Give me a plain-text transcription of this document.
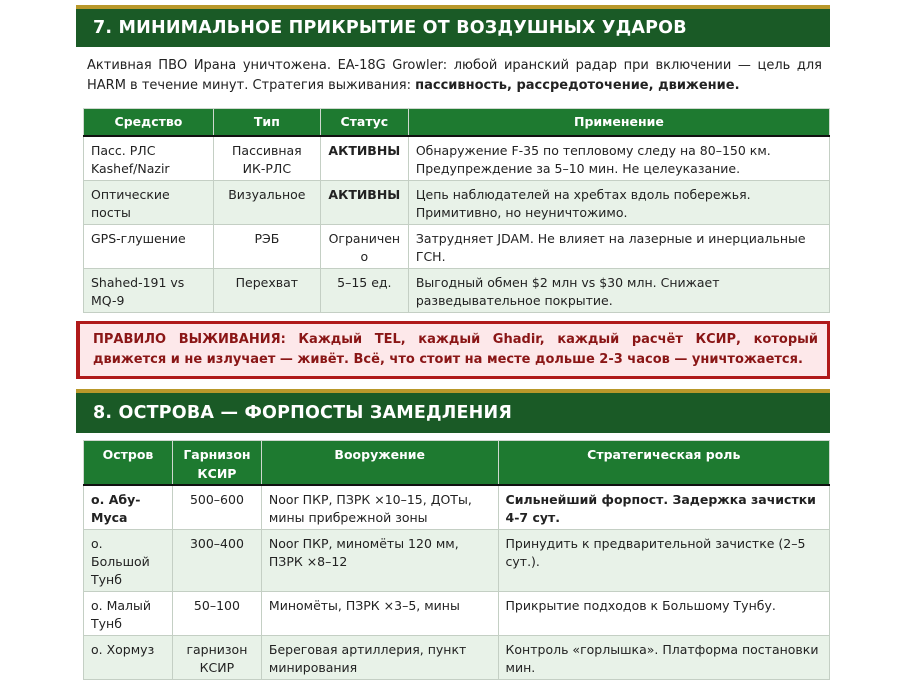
7. МИНИМАЛЬНОЕ ПРИКРЫТИЕ ОТ ВОЗДУШНЫХ УДАРОВ
Активная ПВО Ирана уничтожена. EA-18G Growler: любой иранский радар при включении — цель для HARM в течение минут. Стратегия выживания: пассивность, рассредоточение, движение.
Средство	Тип	Статус	Применение
Пасс. РЛС Kashef/Nazir	Пассивная ИК-РЛС	АКТИВНЫ	Обнаружение F-35 по тепловому следу на 80–150 км. Предупреждение за 5–10 мин. Не целеуказание.
Оптические посты	Визуальное	АКТИВНЫ	Цепь наблюдателей на хребтах вдоль побережья. Примитивно, но неуничтожимо.
GPS-глушение	РЭБ	Ограничено	Затрудняет JDAM. Не влияет на лазерные и инерциальные ГСН.
Shahed-191 vs MQ-9	Перехват	5–15 ед.	Выгодный обмен $2 млн vs $30 млн. Снижает разведывательное покрытие.
ПРАВИЛО ВЫЖИВАНИЯ: Каждый TEL, каждый Ghadir, каждый расчёт КСИР, который движется и не излучает — живёт. Всё, что стоит на месте дольше 2-3 часов — уничтожается.
8. ОСТРОВА — ФОРПОСТЫ ЗАМЕДЛЕНИЯ
Остров	Гарнизон КСИР	Вооружение	Стратегическая роль
о. Абу-Муса	500–600	Noor ПКР, ПЗРК ×10–15, ДОТы, мины прибрежной зоны	Сильнейший форпост. Задержка зачистки 4-7 сут.
о. Большой Тунб	300–400	Noor ПКР, миномёты 120 мм, ПЗРК ×8–12	Принудить к предварительной зачистке (2–5 сут.).
о. Малый Тунб	50–100	Миномёты, ПЗРК ×3–5, мины	Прикрытие подходов к Большому Тунбу.
о. Хормуз	гарнизон КСИР	Береговая артиллерия, пункт минирования	Контроль «горлышка». Платформа постановки мин.
